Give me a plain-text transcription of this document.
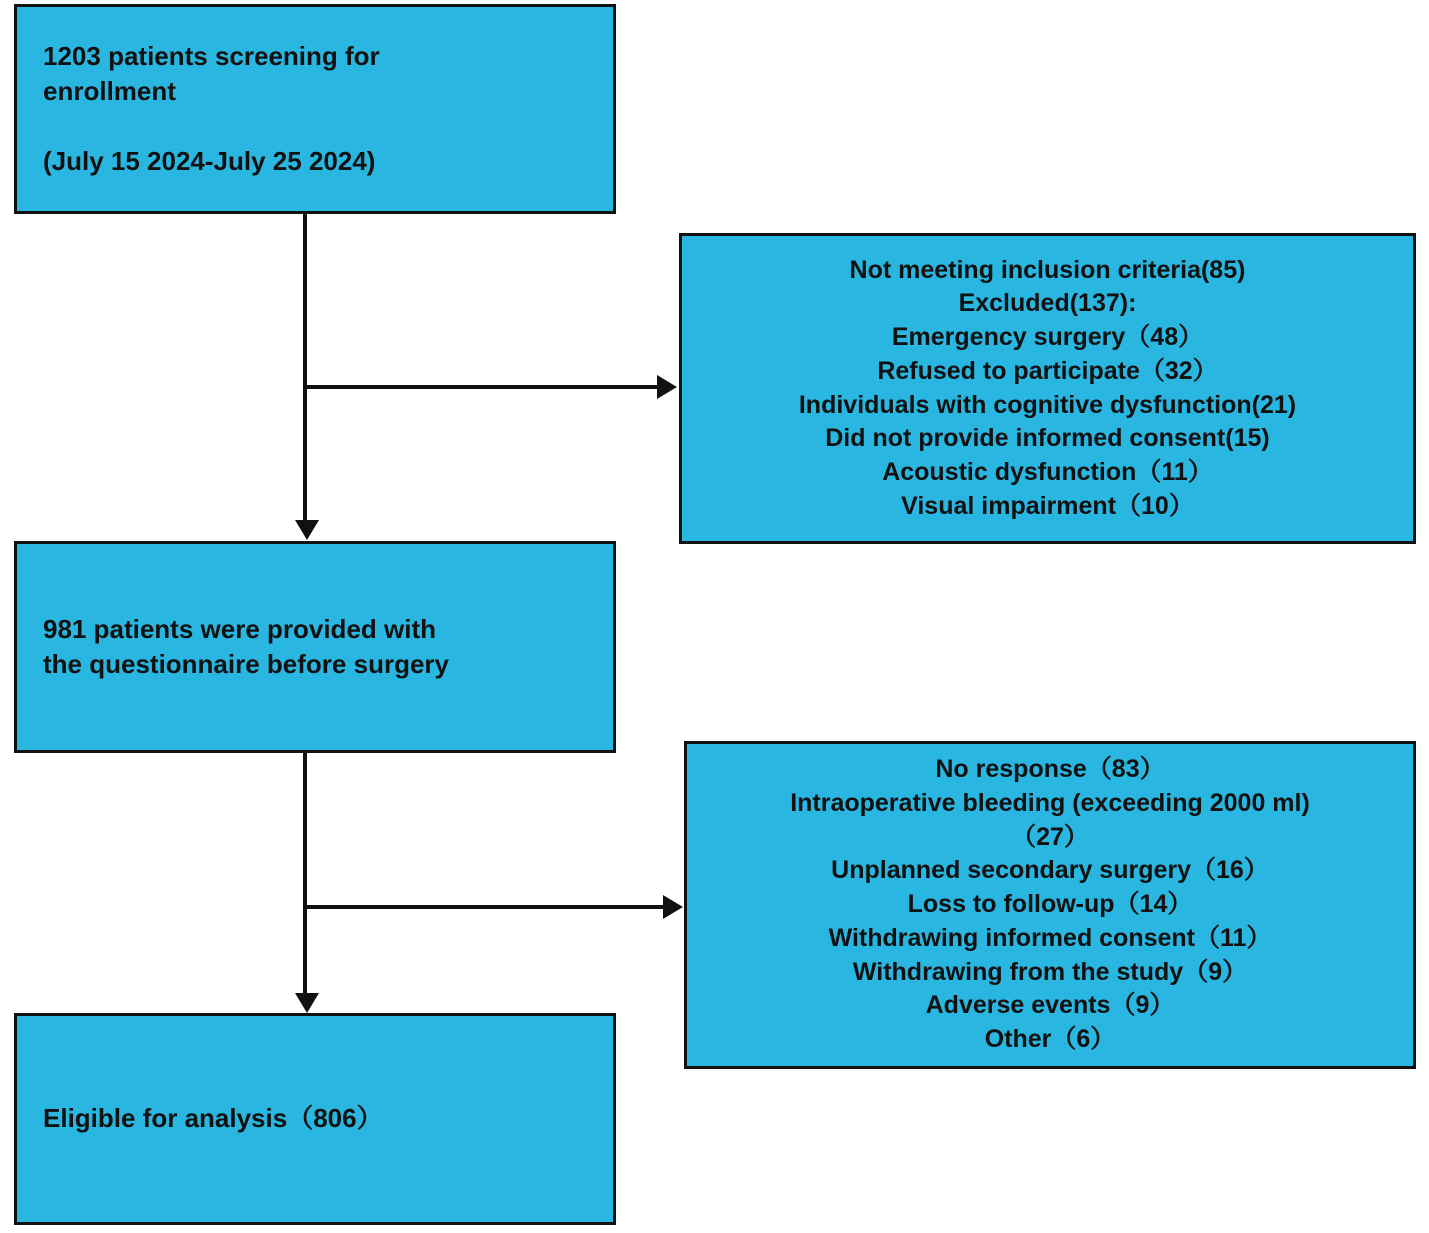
1203 patients screening for
enrollment
(July 15 2024-July 25 2024)
Not meeting inclusion criteria(85)
Excluded(137):
Emergency surgery（48）
Refused to participate（32）
Individuals with cognitive dysfunction(21)
Did not provide informed consent(15)
Acoustic dysfunction（11）
Visual impairment（10）
981 patients were provided with
the questionnaire before surgery
No response（83）
Intraoperative bleeding (exceeding 2000 ml)
（27）
Unplanned secondary surgery（16）
Loss to follow-up（14）
Withdrawing informed consent（11）
Withdrawing from the study（9）
Adverse events（9）
Other（6）
Eligible for analysis（806）
